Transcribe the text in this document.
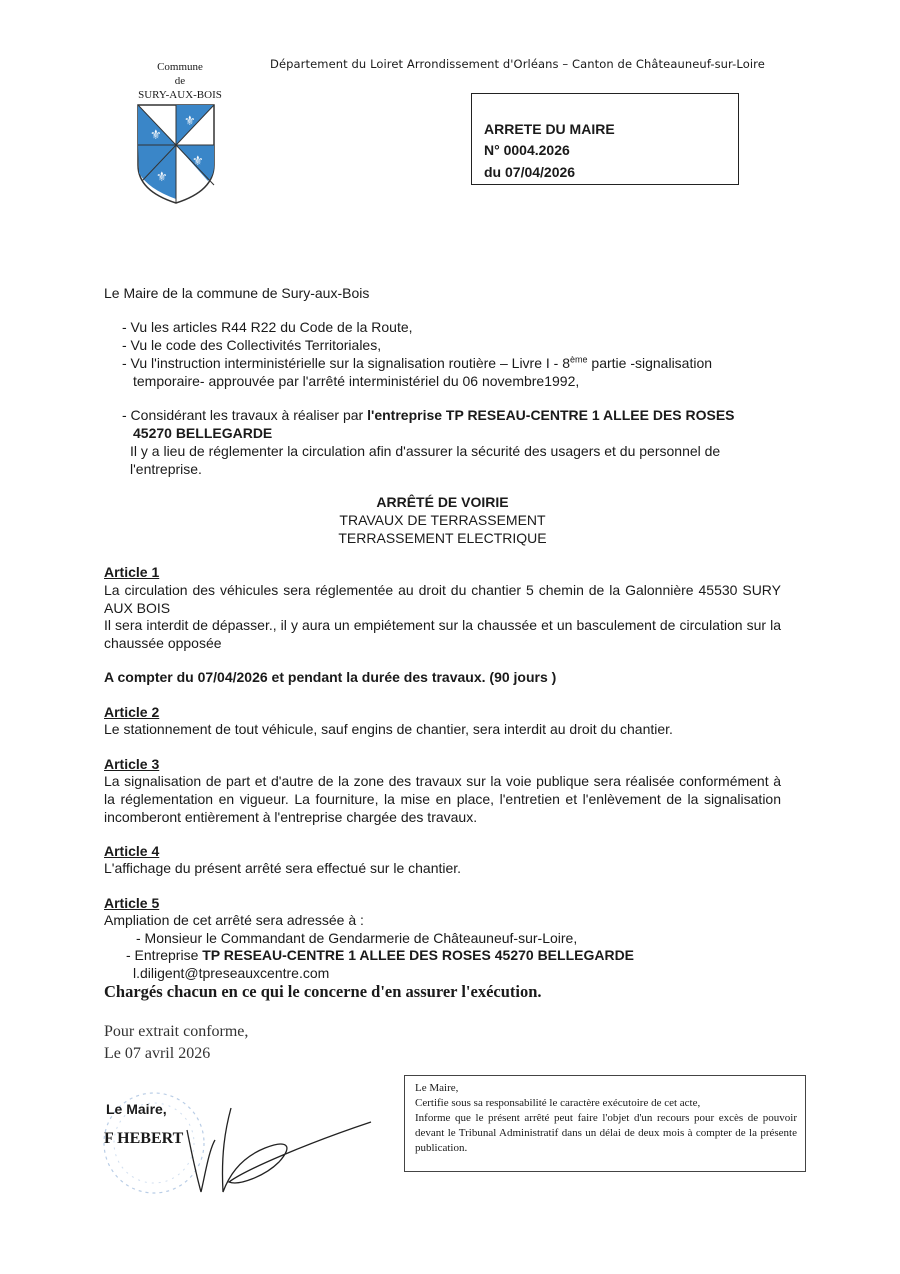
Commune
de
SURY-AUX-BOIS
⚜
⚜
⚜
⚜
Département du Loiret Arrondissement d'Orléans – Canton de Châteauneuf-sur-Loire
ARRETE DU MAIRE
N° 0004.2026
du 07/04/2026
Le Maire de la commune de Sury-aux-Bois
- Vu les articles R44 R22 du Code de la Route,
- Vu le code des Collectivités Territoriales,
- Vu l'instruction interministérielle sur la signalisation routière – Livre I - 8ème partie -signalisation
temporaire- approuvée par l'arrêté interministériel du 06 novembre1992,
- Considérant les travaux à réaliser par l'entreprise TP RESEAU-CENTRE 1 ALLEE DES ROSES
45270 BELLEGARDE
Il y a lieu de réglementer la circulation afin d'assurer la sécurité des usagers et du personnel de l'entreprise.
ARRÊTÉ DE VOIRIE
TRAVAUX DE TERRASSEMENT
TERRASSEMENT ELECTRIQUE
Article 1
La circulation des véhicules sera réglementée au droit du chantier 5 chemin de la Galonnière 45530 SURY AUX BOIS
Il sera interdit de dépasser., il y aura un empiétement sur la chaussée et un basculement de circulation sur la chaussée opposée
A compter du 07/04/2026 et pendant la durée des travaux. (90 jours )
Article 2
Le stationnement de tout véhicule, sauf engins de chantier, sera interdit au droit du chantier.
Article 3
La signalisation de part et d'autre de la zone des travaux sur la voie publique sera réalisée conformément à la réglementation en vigueur. La fourniture, la mise en place, l'entretien et l'enlèvement de la signalisation incomberont entièrement à l'entreprise chargée des travaux.
Article 4
L'affichage du présent arrêté sera effectué sur le chantier.
Article 5
Ampliation de cet arrêté sera adressée à :
- Monsieur le Commandant de Gendarmerie de Châteauneuf-sur-Loire,
- Entreprise TP RESEAU-CENTRE 1 ALLEE DES ROSES 45270 BELLEGARDE
l.diligent@tpreseauxcentre.com
Chargés chacun en ce qui le concerne d'en assurer l'exécution.
Pour extrait conforme,
Le 07 avril 2026
Le Maire,
F HEBERT
Le Maire,
Certifie sous sa responsabilité le caractère exécutoire de cet acte,
Informe que le présent arrêté peut faire l'objet d'un recours pour excès de pouvoir devant le Tribunal Administratif dans un délai de deux mois à compter de la présente publication.
